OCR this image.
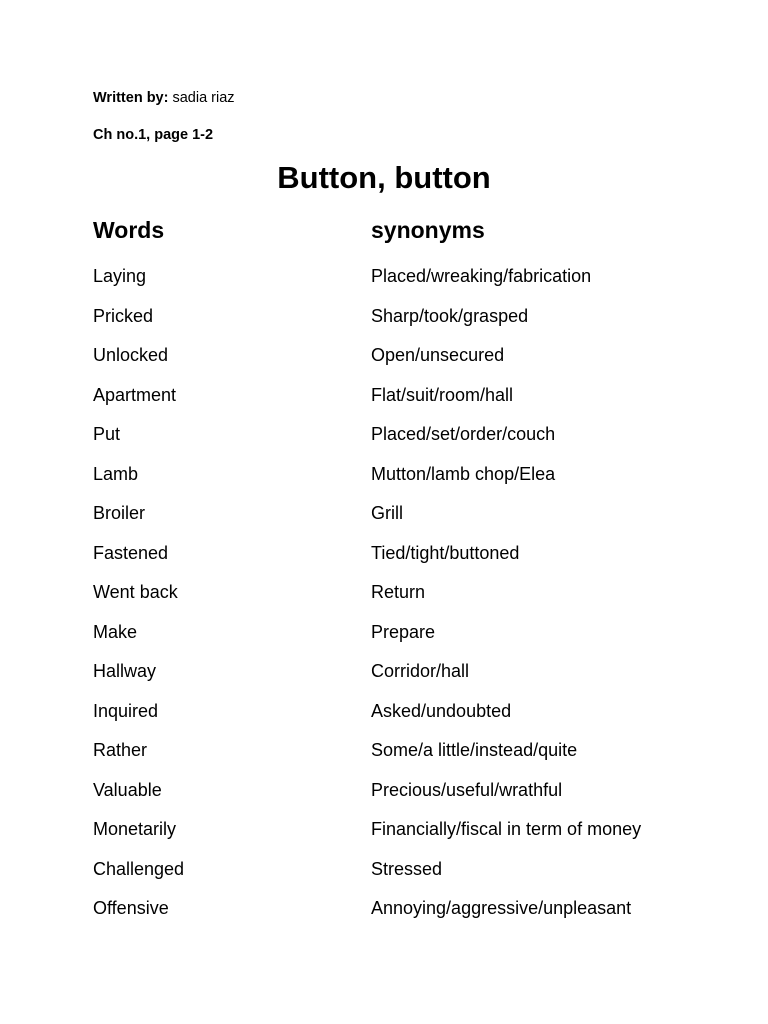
Written by: sadia riaz
Ch no.1, page 1-2
Button, button
Words	synonyms
Laying	Placed/wreaking/fabrication
Pricked	Sharp/took/grasped
Unlocked	Open/unsecured
Apartment	Flat/suit/room/hall
Put	Placed/set/order/couch
Lamb	Mutton/lamb chop/Elea
Broiler	Grill
Fastened	Tied/tight/buttoned
Went back	Return
Make	Prepare
Hallway	Corridor/hall
Inquired	Asked/undoubted
Rather	Some/a little/instead/quite
Valuable	Precious/useful/wrathful
Monetarily	Financially/fiscal in term of money
Challenged	Stressed
Offensive	Annoying/aggressive/unpleasant
